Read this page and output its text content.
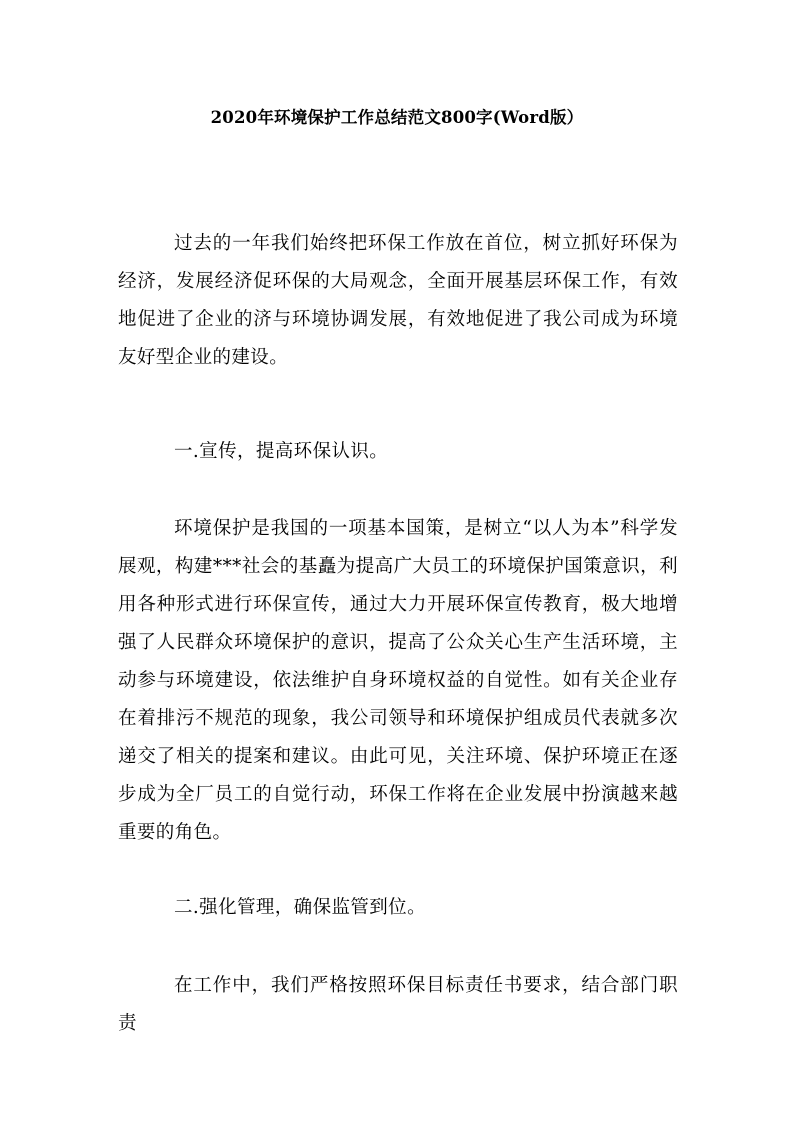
2020年环境保护工作总结范文800字(Word版）
过去的一年我们始终把环保工作放在首位，树立抓好环保为经济，发展经济促环保的大局观念，全面开展基层环保工作，有效地促进了企业的济与环境协调发展，有效地促进了我公司成为环境友好型企业的建设。
一.宣传，提高环保认识。
环境保护是我国的一项基本国策，是树立“以人为本”科学发展观，构建***社会的基矗为提高广大员工的环境保护国策意识，利用各种形式进行环保宣传，通过大力开展环保宣传教育，极大地增强了人民群众环境保护的意识，提高了公众关心生产生活环境，主动参与环境建设，依法维护自身环境权益的自觉性。如有关企业存在着排污不规范的现象，我公司领导和环境保护组成员代表就多次递交了相关的提案和建议。由此可见，关注环境、保护环境正在逐步成为全厂员工的自觉行动，环保工作将在企业发展中扮演越来越重要的角色。
二.强化管理，确保监管到位。
在工作中，我们严格按照环保目标责任书要求，结合部门职责
